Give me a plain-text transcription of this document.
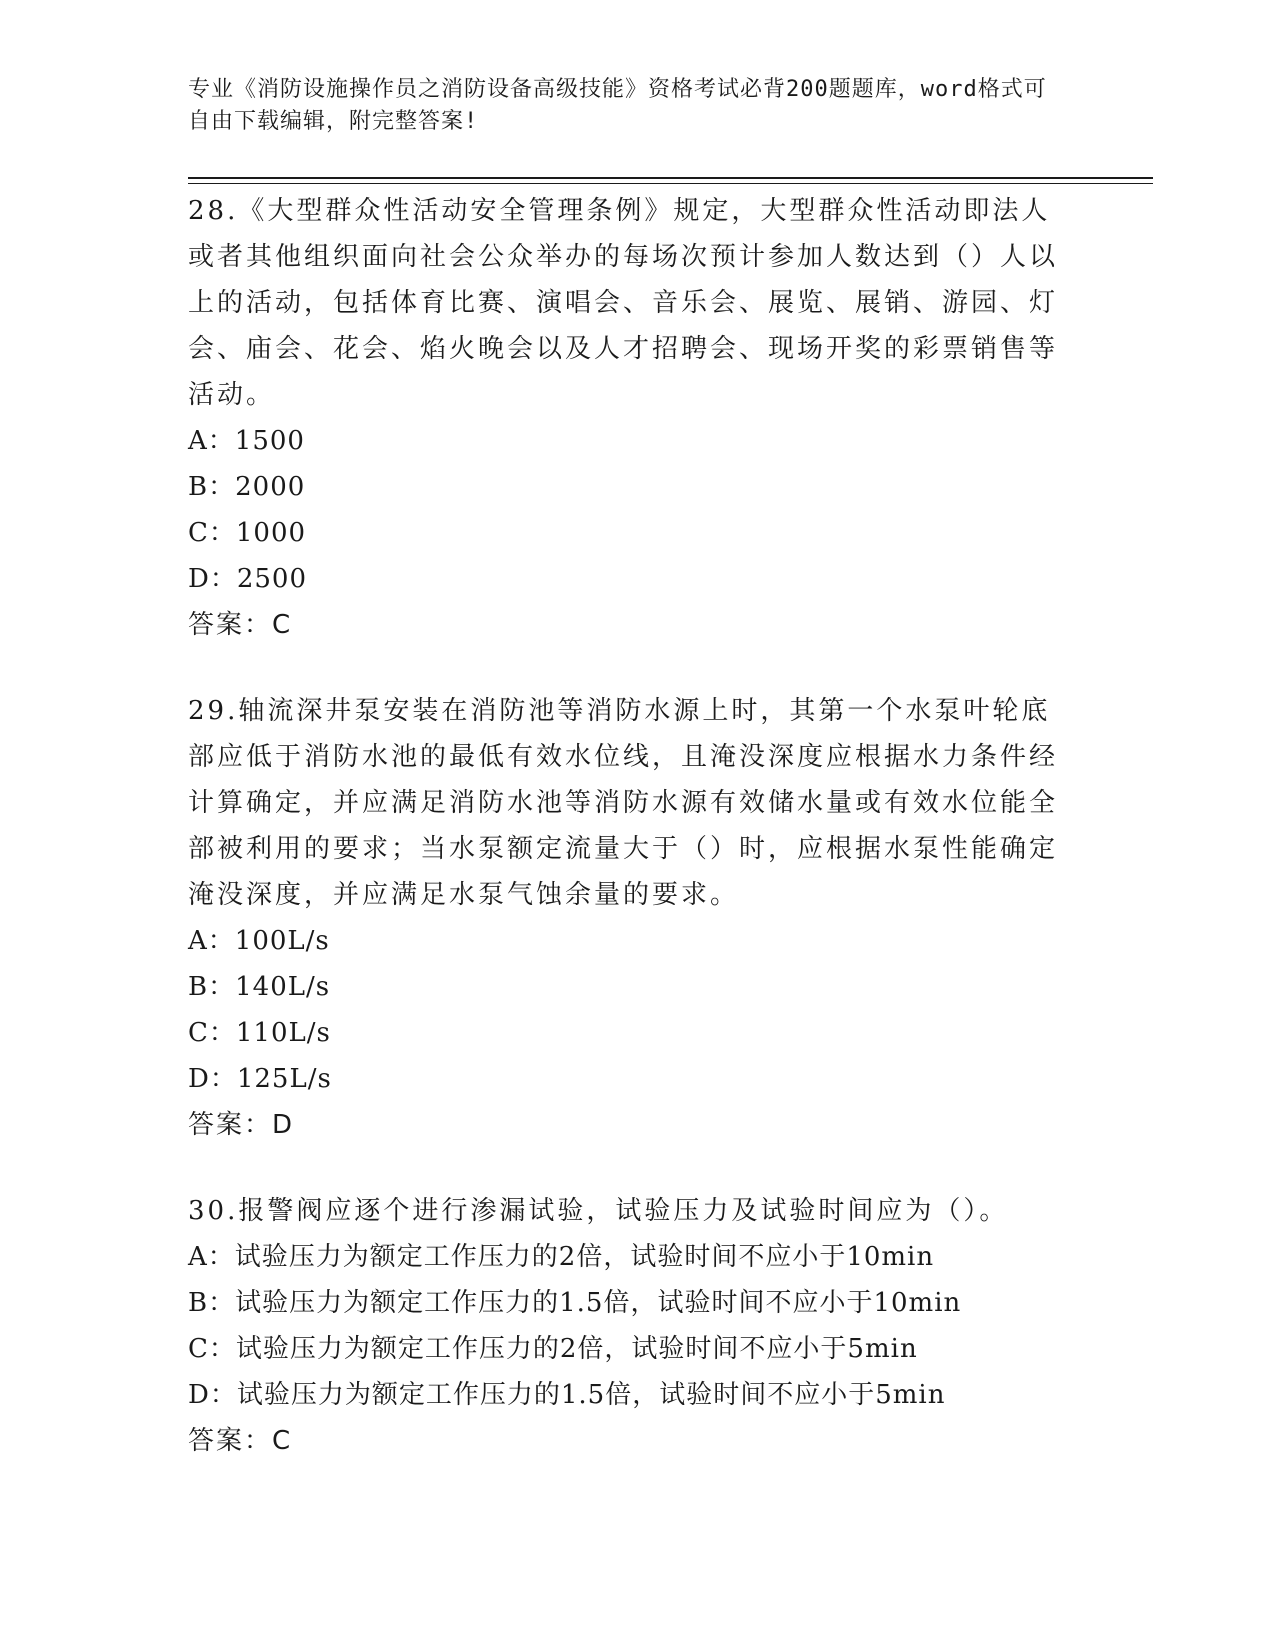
专业《消防设施操作员之消防设备高级技能》资格考试必背200题题库，word格式可自由下载编辑，附完整答案!

28.《大型群众性活动安全管理条例》规定，大型群众性活动即法人或者其他组织面向社会公众举办的每场次预计参加人数达到（）人以上的活动，包括体育比赛、演唱会、音乐会、展览、展销、游园、灯会、庙会、花会、焰火晚会以及人才招聘会、现场开奖的彩票销售等活动。

A：1500

B：2000

C：1000

D：2500

答案：C

29.轴流深井泵安装在消防池等消防水源上时，其第一个水泵叶轮底部应低于消防水池的最低有效水位线，且淹没深度应根据水力条件经计算确定，并应满足消防水池等消防水源有效储水量或有效水位能全部被利用的要求；当水泵额定流量大于（）时，应根据水泵性能确定淹没深度，并应满足水泵气蚀余量的要求。

A：100L/s

B：140L/s

C：110L/s

D：125L/s

答案：D

30.报警阀应逐个进行渗漏试验，试验压力及试验时间应为（）。

A：试验压力为额定工作压力的2倍，试验时间不应小于10min

B：试验压力为额定工作压力的1.5倍，试验时间不应小于10min

C：试验压力为额定工作压力的2倍，试验时间不应小于5min

D：试验压力为额定工作压力的1.5倍，试验时间不应小于5min

答案：C
